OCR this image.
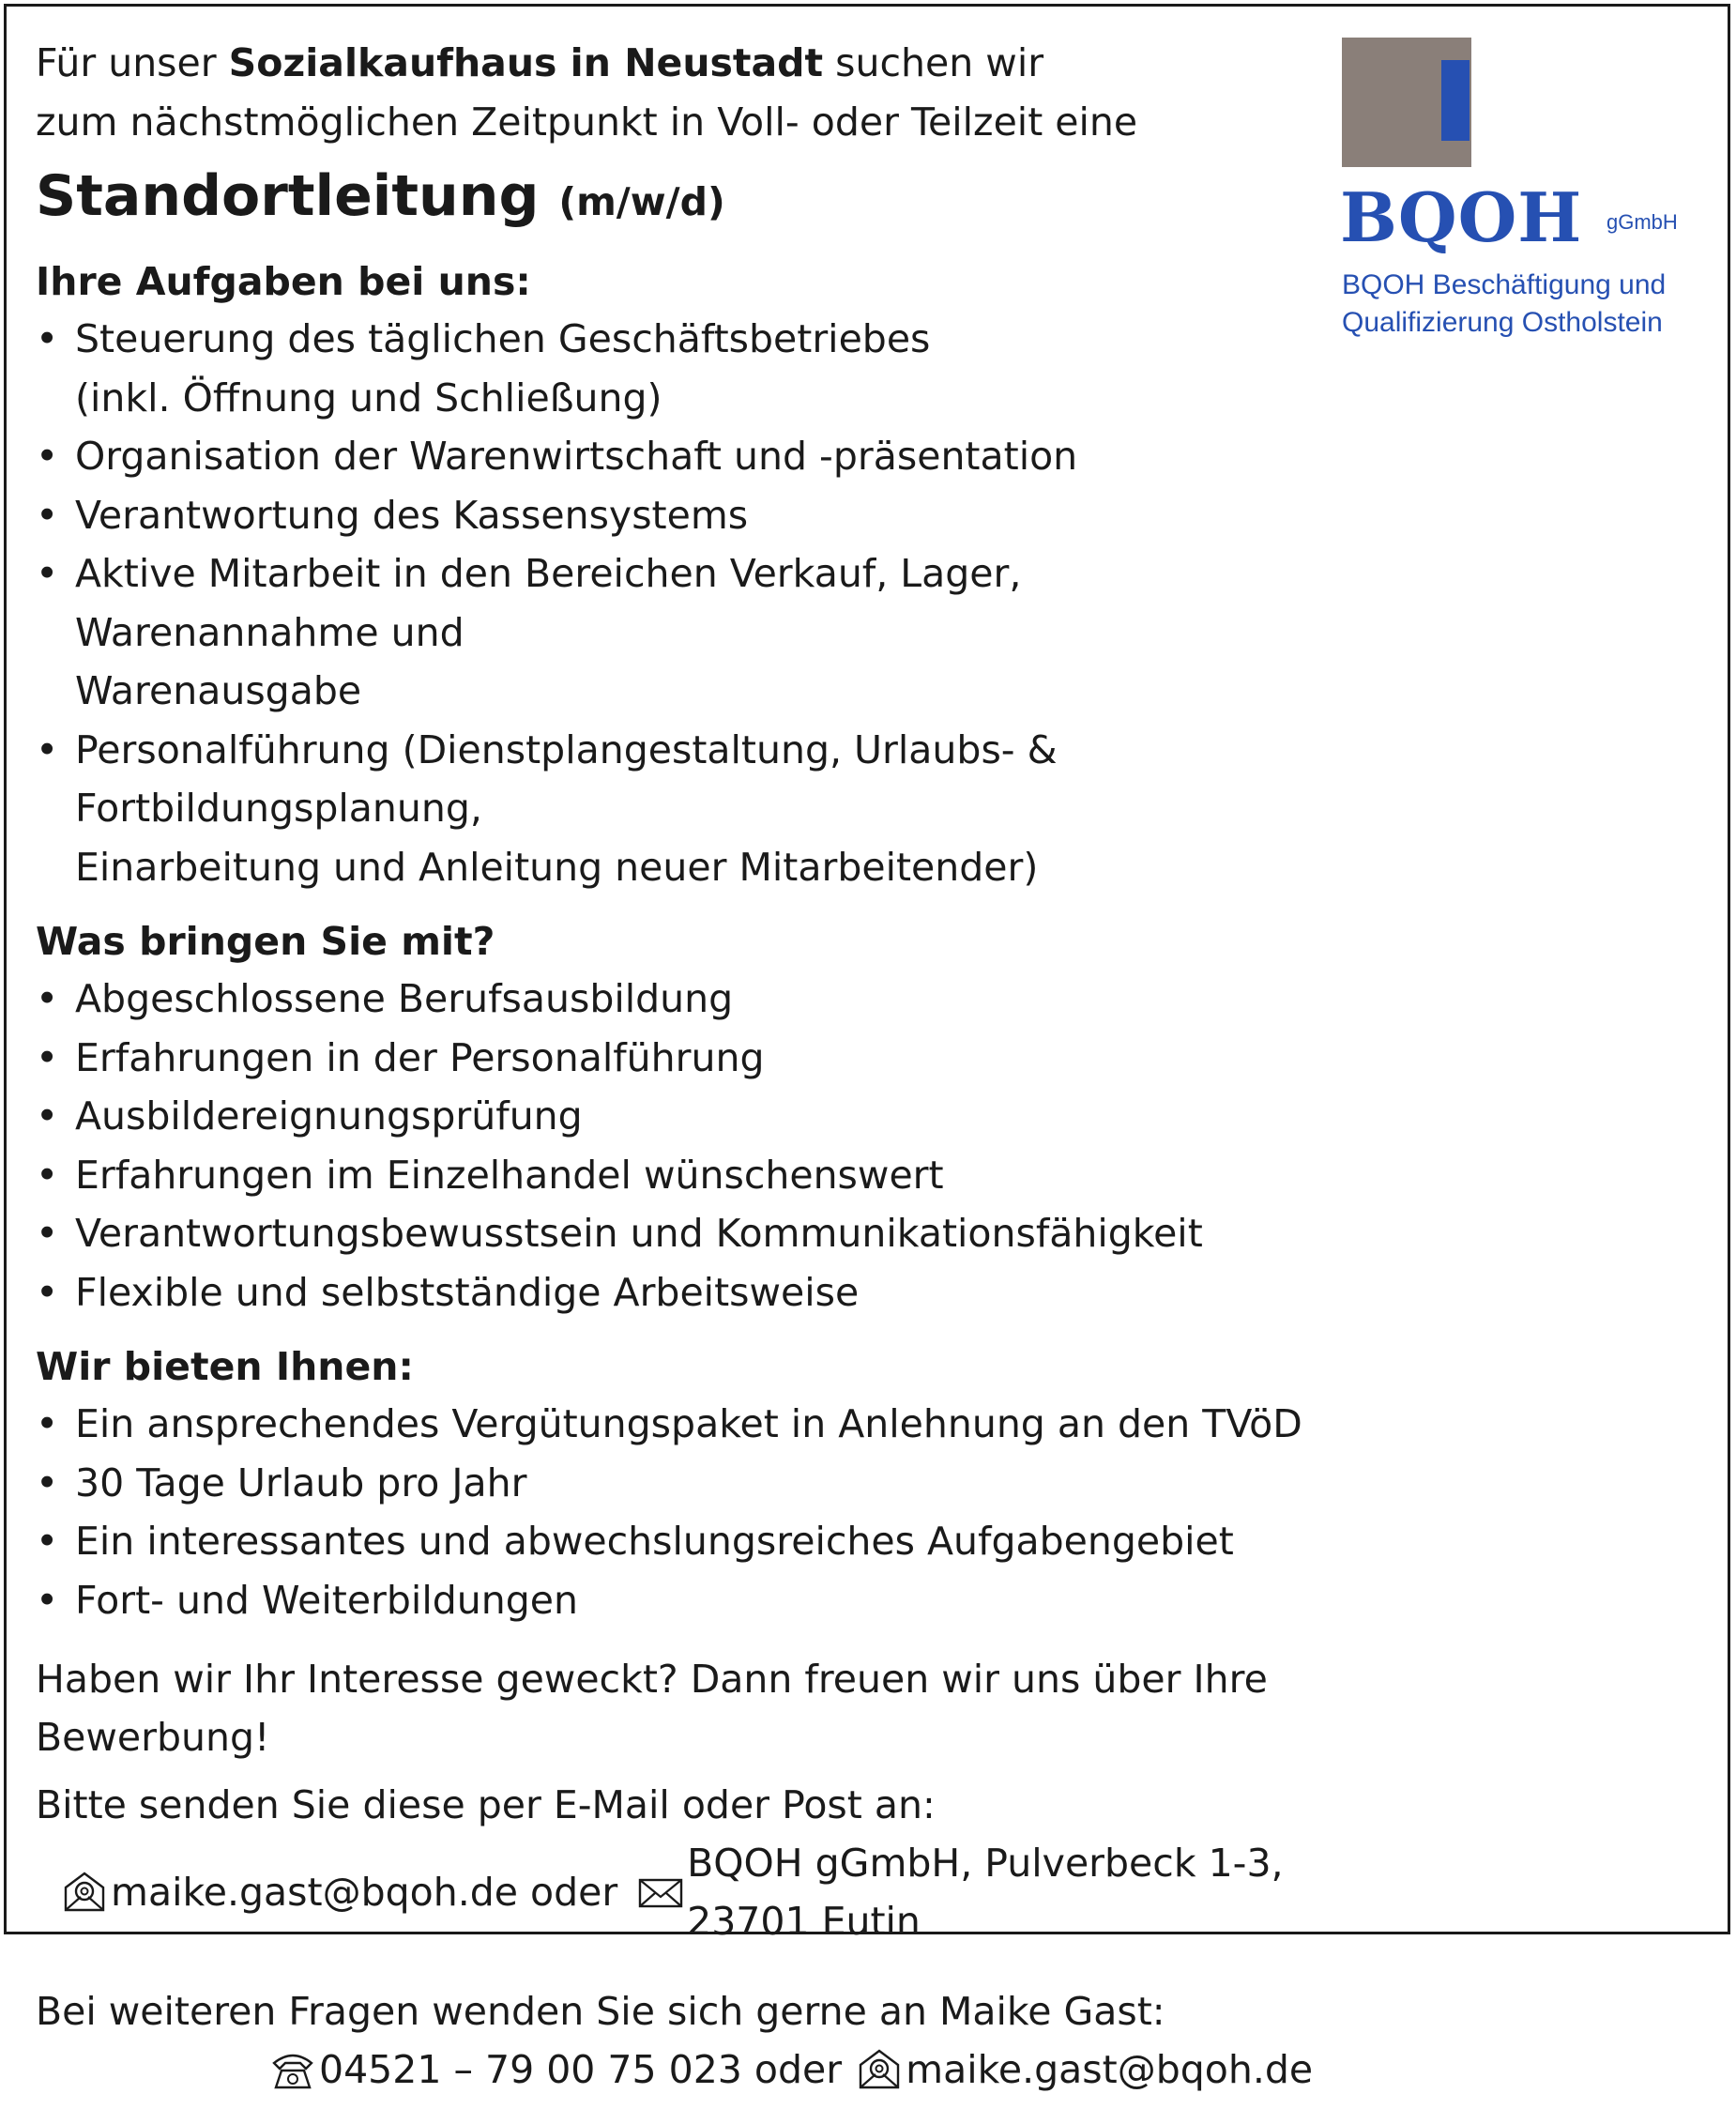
Für unser Sozialkaufhaus in Neustadt suchen wir

zum nächstmöglichen Zeitpunkt in Voll- oder Teilzeit eine

Standortleitung (m/w/d)

Ihre Aufgaben bei uns:
• Steuerung des täglichen Geschäftsbetriebes
(inkl. Öffnung und Schließung)
• Organisation der Warenwirtschaft und -präsentation
• Verantwortung des Kassensystems
• Aktive Mitarbeit in den Bereichen Verkauf, Lager, Warenannahme und
Warenausgabe
• Personalführung (Dienstplangestaltung, Urlaubs- & Fortbildungsplanung,
Einarbeitung und Anleitung neuer Mitarbeitender)
Was bringen Sie mit?
• Abgeschlossene Berufsausbildung
• Erfahrungen in der Personalführung
• Ausbildereignungsprüfung
• Erfahrungen im Einzelhandel wünschenswert
• Verantwortungsbewusstsein und Kommunikationsfähigkeit
• Flexible und selbstständige Arbeitsweise
Wir bieten Ihnen:
• Ein ansprechendes Vergütungspaket in Anlehnung an den TVöD
• 30 Tage Urlaub pro Jahr
• Ein interessantes und abwechslungsreiches Aufgabengebiet
• Fort- und Weiterbildungen

Haben wir Ihr Interesse geweckt? Dann freuen wir uns über Ihre Bewerbung!

Bitte senden Sie diese per E-Mail oder Post an:

maike.gast@bqoh.de
oder
BQOH gGmbH, Pulverbeck 1-3, 23701 Eutin

Bei weiteren Fragen wenden Sie sich gerne an Maike Gast:

04521 – 79 00 75 023
oder maike.gast@bqoh.de
BQOH gGmbH
BQOH Beschäftigung und
Qualifizierung Ostholstein
